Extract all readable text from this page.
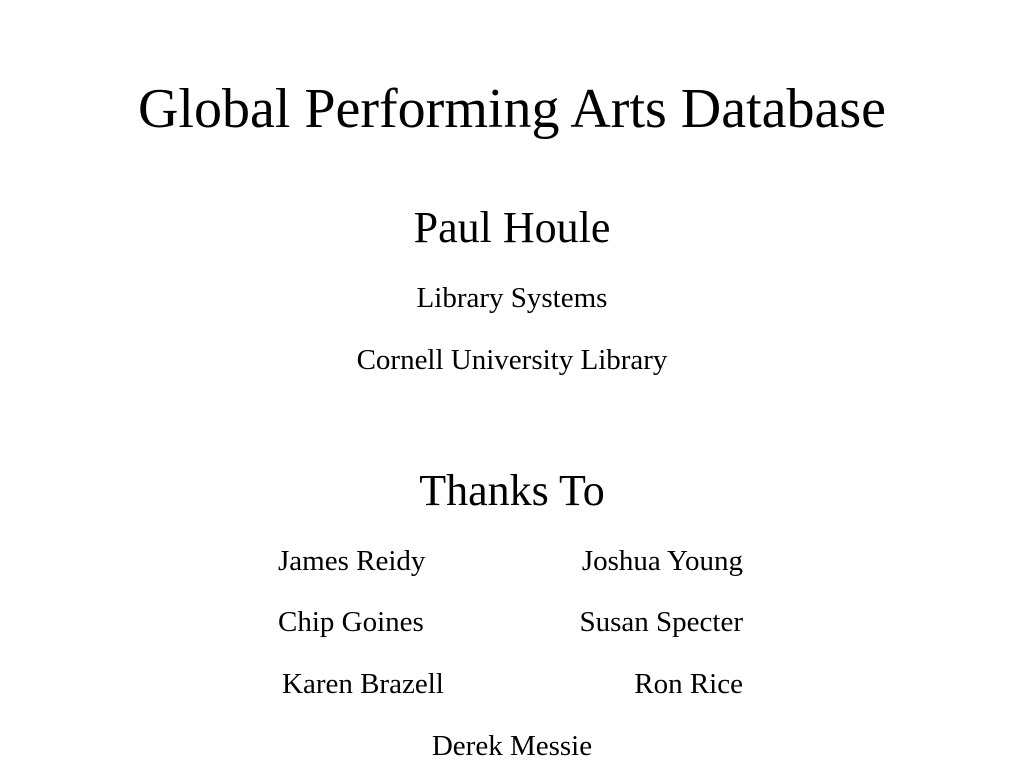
Global Performing Arts Database
Paul Houle
Library Systems
Cornell University Library
Thanks To
James Reidy	Joshua Young
Chip Goines	Susan Specter
Karen Brazell	Ron Rice
Derek Messie
